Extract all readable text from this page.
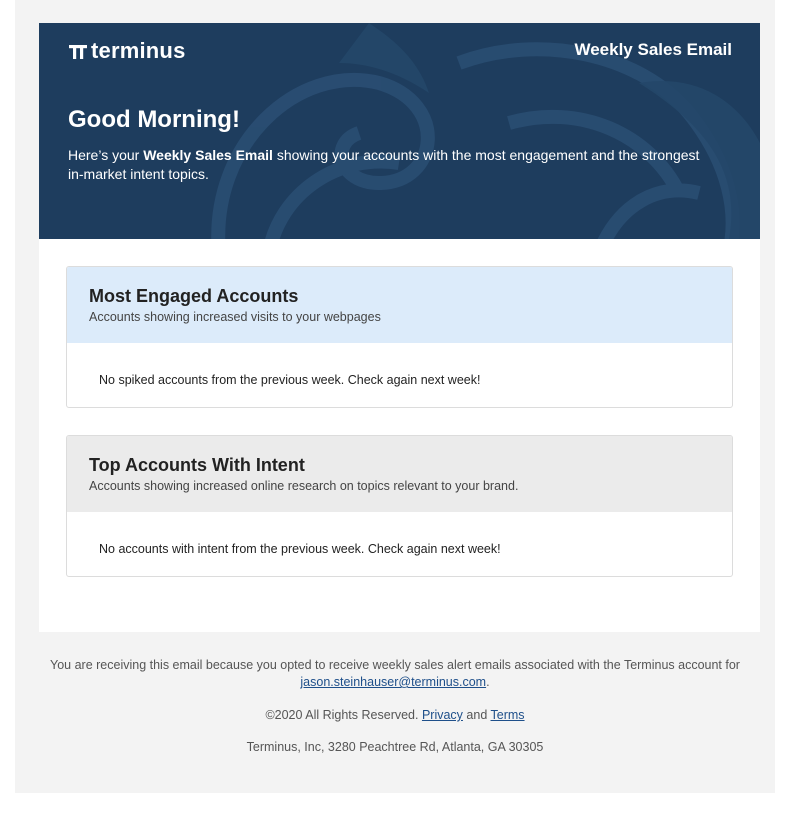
terminus	Weekly Sales Email
Good Morning!
Here’s your Weekly Sales Email showing your accounts with the most engagement and the strongest in-market intent topics.
Most Engaged Accounts

Accounts showing increased visits to your webpages

No spiked accounts from the previous week. Check again next week!
Top Accounts With Intent

Accounts showing increased online research on topics relevant to your brand.

No accounts with intent from the previous week. Check again next week!

You are receiving this email because you opted to receive weekly sales alert emails associated with the Terminus account for jason.steinhauser@terminus.com.

©2020 All Rights Reserved. Privacy and Terms

Terminus, Inc, 3280 Peachtree Rd, Atlanta, GA 30305
